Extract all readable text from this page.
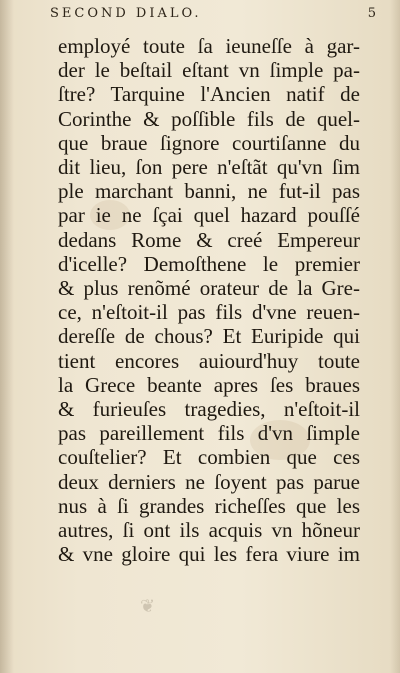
SECOND DIALO.	5
employé toute ſa ieuneſſe à gar-
der le beſtail eſtant vn ſimple pa-
ſtre? Tarquine l'Ancien natif de
Corinthe & poſſible fils de quel-
que braue ſignore courtiſanne du
dit lieu, ſon pere n'eſtãt qu'vn ſim
ple marchant banni, ne fut-il pas
par ie ne ſçai quel hazard pouſſé
dedans Rome & creé Empereur
d'icelle? Demoſthene le premier
& plus renõmé orateur de la Gre-
ce, n'eſtoit-il pas fils d'vne reuen-
dereſſe de chous? Et Euripide qui
tient encores auiourd'huy toute
la Grece beante apres ſes braues
& furieuſes tragedies, n'eſtoit-il
pas pareillement fils d'vn ſimple
couſtelier? Et combien que ces
deux derniers ne ſoyent pas parue
nus à ſi grandes richeſſes que les
autres, ſi ont ils acquis vn hõneur
& vne gloire qui les fera viure im
❦
